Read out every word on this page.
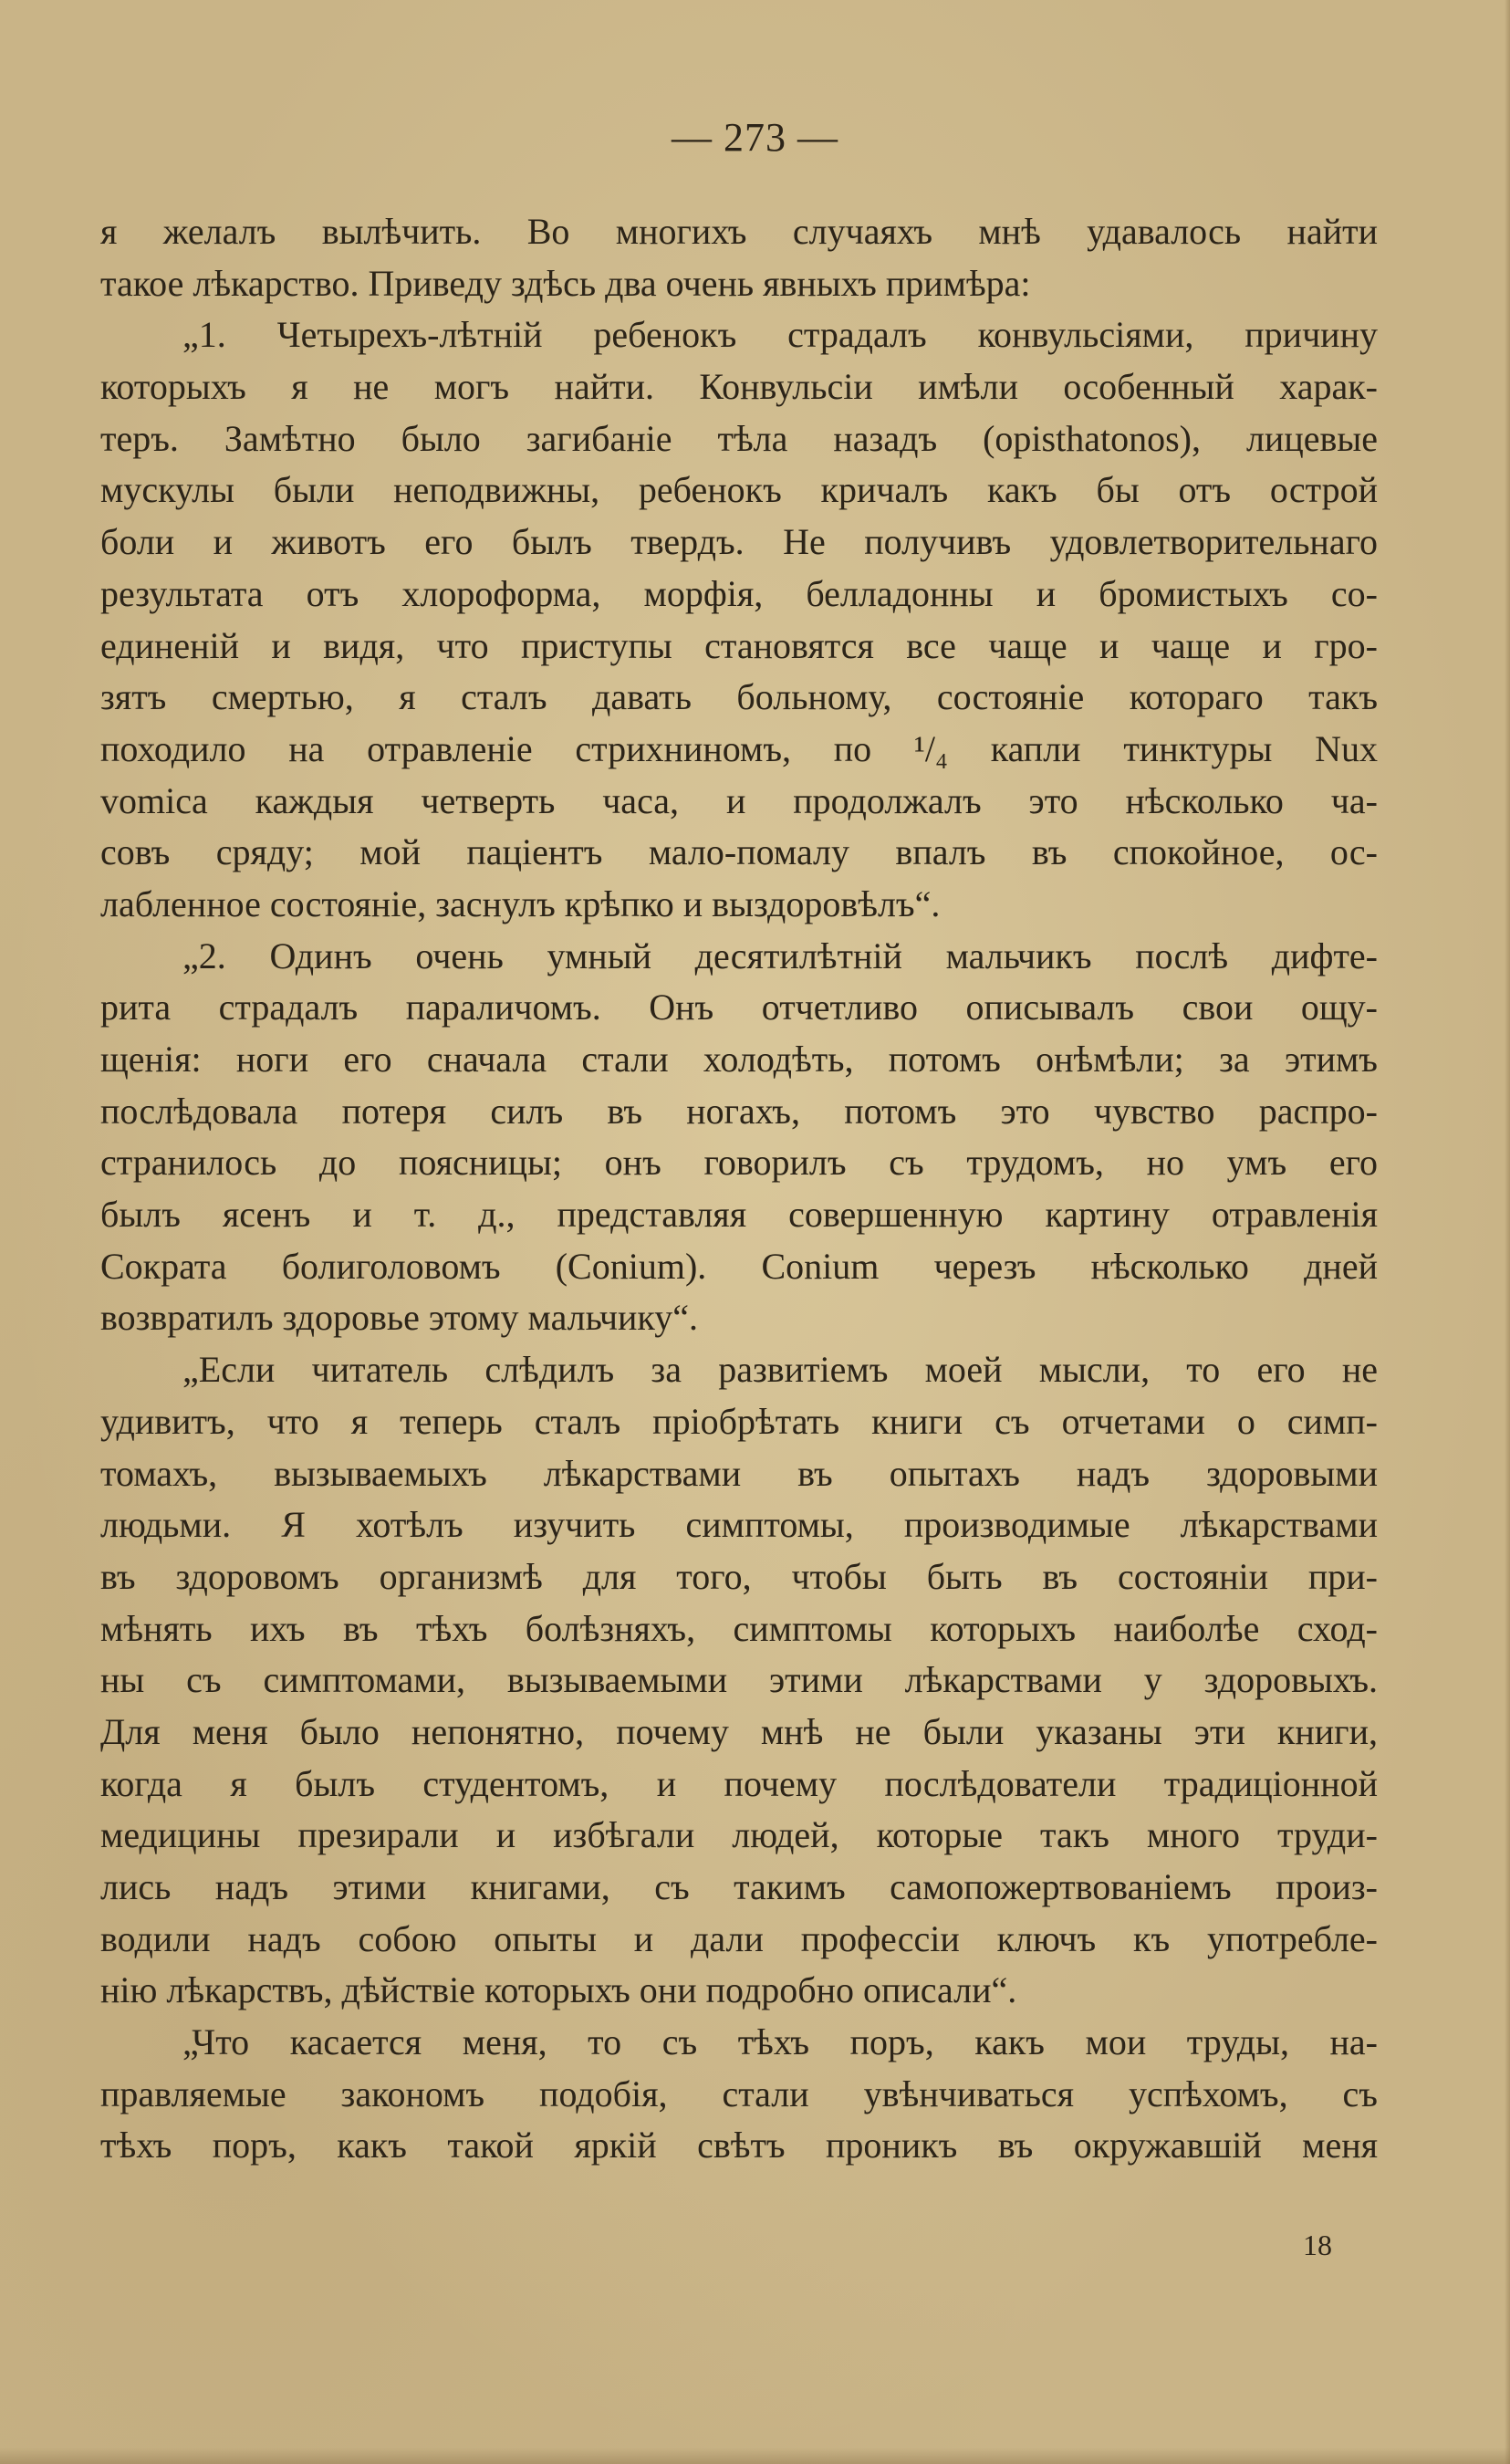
— 273 —
я желалъ вылѣчить. Во многихъ случаяхъ мнѣ удавалось найти
такое лѣкарство. Приведу здѣсь два очень явныхъ примѣра:
„1. Четырехъ-лѣтній ребенокъ страдалъ конвульсіями, причину
которыхъ я не могъ найти. Конвульсіи имѣли особенный харак-
теръ. Замѣтно было загибаніе тѣла назадъ (opisthatonos), лицевые
мускулы были неподвижны, ребенокъ кричалъ какъ бы отъ острой
боли и животъ его былъ твердъ. Не получивъ удовлетворительнаго
результата отъ хлороформа, морфія, белладонны и бромистыхъ со-
единеній и видя, что приступы становятся все чаще и чаще и гро-
зятъ смертью, я сталъ давать больному, состояніе котораго такъ
походило на отравленіе стрихниномъ, по ¹/₄ капли тинктуры Nux
vomica каждыя четверть часа, и продолжалъ это нѣсколько ча-
совъ сряду; мой паціентъ мало-помалу впалъ въ спокойное, ос-
лабленное состояніе, заснулъ крѣпко и выздоровѣлъ“.
„2. Одинъ очень умный десятилѣтній мальчикъ послѣ дифте-
рита страдалъ параличомъ. Онъ отчетливо описывалъ свои ощу-
щенія: ноги его сначала стали холодѣть, потомъ онѣмѣли; за этимъ
послѣдовала потеря силъ въ ногахъ, потомъ это чувство распро-
странилось до поясницы; онъ говорилъ съ трудомъ, но умъ его
былъ ясенъ и т. д., представляя совершенную картину отравленія
Сократа болиголовомъ (Conium). Conium черезъ нѣсколько дней
возвратилъ здоровье этому мальчику“.
„Если читатель слѣдилъ за развитіемъ моей мысли, то его не
удивитъ, что я теперь сталъ пріобрѣтать книги съ отчетами о симп-
томахъ, вызываемыхъ лѣкарствами въ опытахъ надъ здоровыми
людьми. Я хотѣлъ изучить симптомы, производимые лѣкарствами
въ здоровомъ организмѣ для того, чтобы быть въ состояніи при-
мѣнять ихъ въ тѣхъ болѣзняхъ, симптомы которыхъ наиболѣе сход-
ны съ симптомами, вызываемыми этими лѣкарствами у здоровыхъ.
Для меня было непонятно, почему мнѣ не были указаны эти книги,
когда я былъ студентомъ, и почему послѣдователи традиціонной
медицины презирали и избѣгали людей, которые такъ много труди-
лись надъ этими книгами, съ такимъ самопожертвованіемъ произ-
водили надъ собою опыты и дали профессіи ключъ къ употребле-
нію лѣкарствъ, дѣйствіе которыхъ они подробно описали“.
„Что касается меня, то съ тѣхъ поръ, какъ мои труды, на-
правляемые закономъ подобія, стали увѣнчиваться успѣхомъ, съ
тѣхъ поръ, какъ такой яркій свѣтъ проникъ въ окружавшій меня
18
